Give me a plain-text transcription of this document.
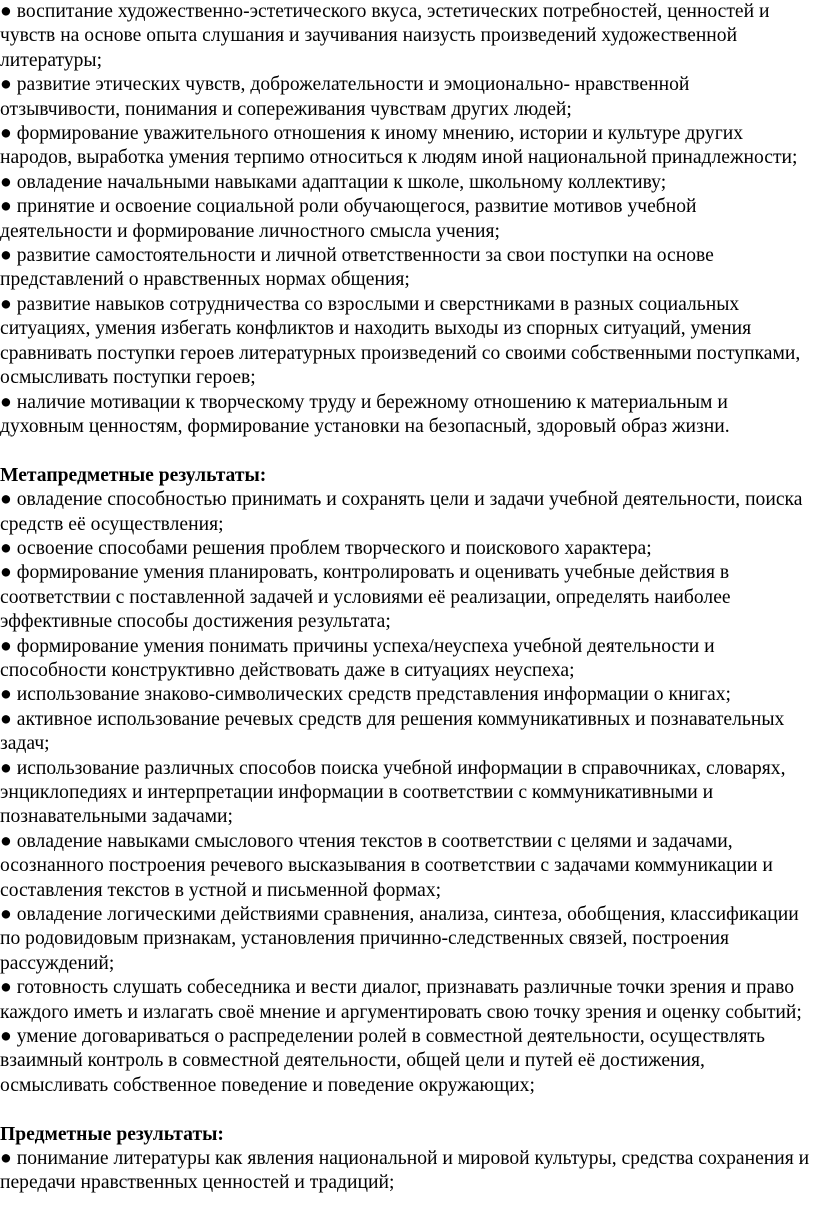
● воспитание художественно-эстетического вкуса, эстетических потребностей, ценностей и чувств на основе опыта слушания и заучивания наизусть произведений художественной литературы;

● развитие этических чувств, доброжелательности и эмоционально- нравственной отзывчивости, понимания и сопереживания чувствам других людей;

● формирование уважительного отношения к иному мнению, истории и культуре других народов, выработка умения терпимо относиться к людям иной национальной принадлежности;

● овладение начальными навыками адаптации к школе, школьному коллективу;

● принятие и освоение социальной роли обучающегося, развитие мотивов учебной деятельности и формирование личностного смысла учения;

● развитие самостоятельности и личной ответственности за свои поступки на основе представлений о нравственных нормах общения;

● развитие навыков сотрудничества со взрослыми и сверстниками в разных социальных ситуациях, умения избегать конфликтов и находить выходы из спорных ситуаций, умения сравнивать поступки героев литературных произведений со своими собственными поступками, осмысливать поступки героев;

● наличие мотивации к творческому труду и бережному отношению к материальным и духовным ценностям, формирование установки на безопасный, здоровый образ жизни.

Метапредметные результаты:

● овладение способностью принимать и сохранять цели и задачи учебной деятельности, поиска средств её осуществления;

● освоение способами решения проблем творческого и поискового характера;

● формирование умения планировать, контролировать и оценивать учебные действия в соответствии с поставленной задачей и условиями её реализации, определять наиболее эффективные способы достижения результата;

● формирование умения понимать причины успеха/неуспеха учебной деятельности и способности конструктивно действовать даже в ситуациях неуспеха;

● использование знаково-символических средств представления информации о книгах;

● активное использование речевых средств для решения коммуникативных и познавательных задач;

● использование различных способов поиска учебной информации в справочниках, словарях, энциклопедиях и интерпретации информации в соответствии с коммуникативными и познавательными задачами;

● овладение навыками смыслового чтения текстов в соответствии с целями и задачами, осознанного построения речевого высказывания в соответствии с задачами коммуникации и составления текстов в устной и письменной формах;

● овладение логическими действиями сравнения, анализа, синтеза, обобщения, классификации по родовидовым признакам, установления причинно-следственных связей, построения рассуждений;

● готовность слушать собеседника и вести диалог, признавать различные точки зрения и право каждого иметь и излагать своё мнение и аргументировать свою точку зрения и оценку событий;

● умение договариваться о распределении ролей в совместной деятельности, осуществлять взаимный контроль в совместной деятельности, общей цели и путей её достижения, осмысливать собственное поведение и поведение окружающих;

Предметные результаты:

● понимание литературы как явления национальной и мировой культуры, средства сохранения и передачи нравственных ценностей и традиций;
